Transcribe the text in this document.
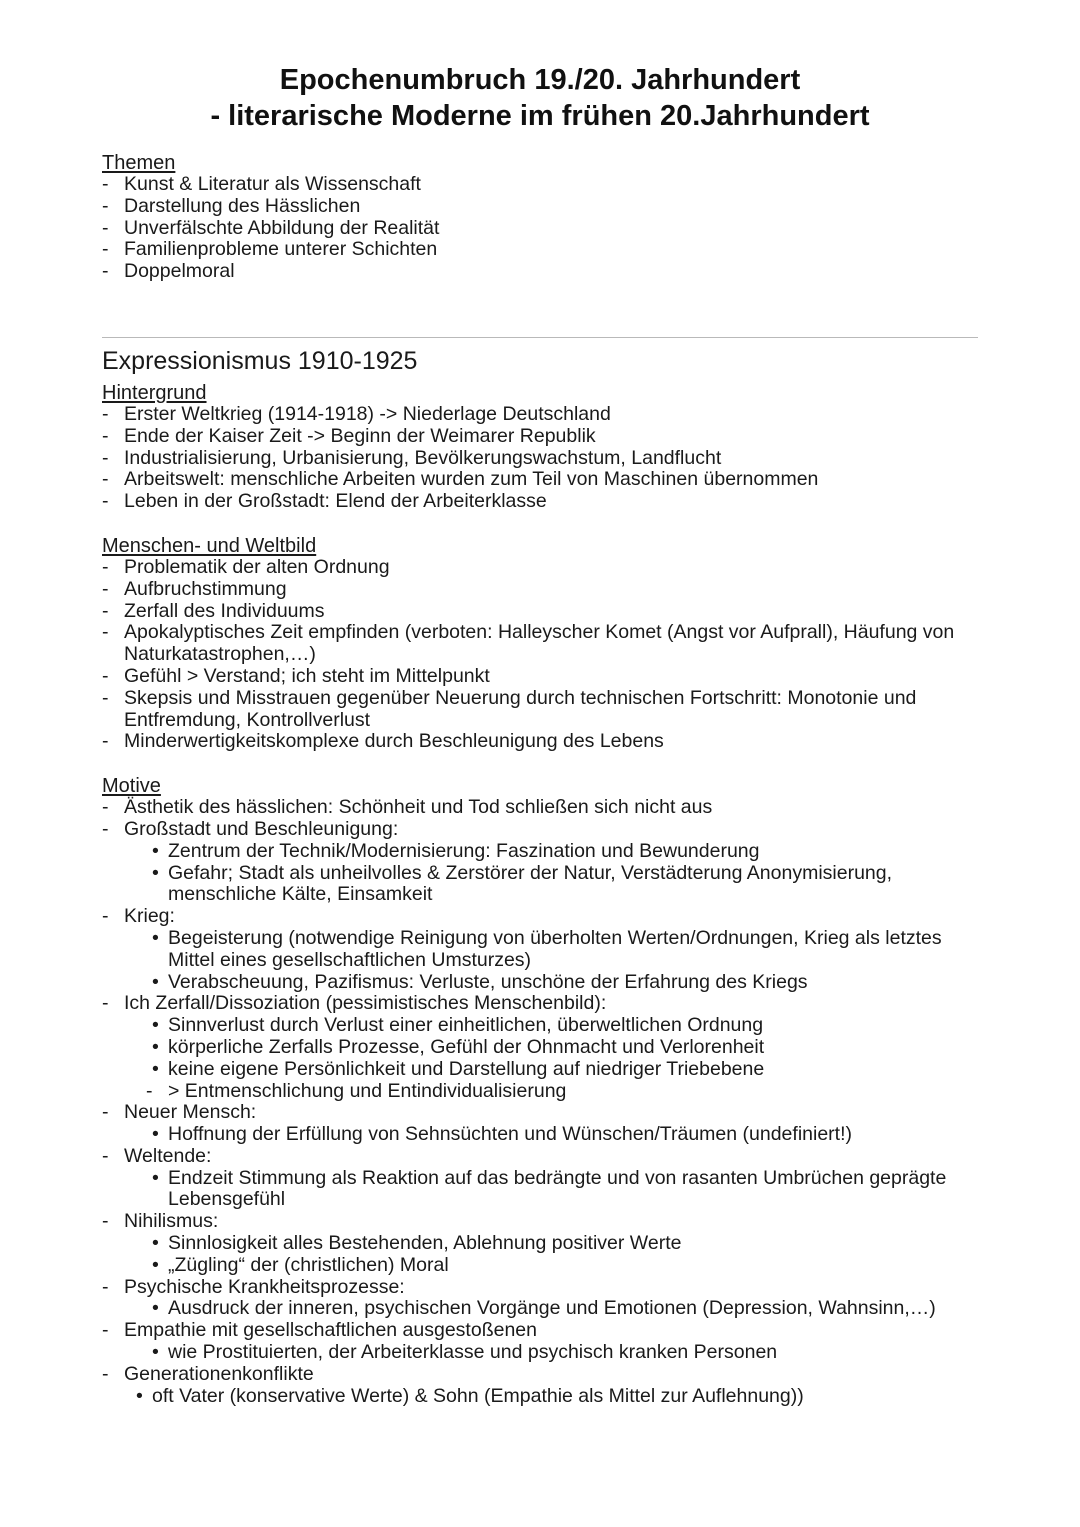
Epochenumbruch 19./20. Jahrhundert
- literarische Moderne im frühen 20.Jahrhundert
Themen
- Kunst & Literatur als Wissenschaft
- Darstellung des Hässlichen
- Unverfälschte Abbildung der Realität
- Familienprobleme unterer Schichten
- Doppelmoral
Expressionismus 1910-1925
Hintergrund
- Erster Weltkrieg (1914-1918) -> Niederlage Deutschland
- Ende der Kaiser Zeit -> Beginn der Weimarer Republik
- Industrialisierung, Urbanisierung, Bevölkerungswachstum, Landflucht
- Arbeitswelt: menschliche Arbeiten wurden zum Teil von Maschinen übernommen
- Leben in der Großstadt: Elend der Arbeiterklasse
Menschen- und Weltbild
- Problematik der alten Ordnung
- Aufbruchstimmung
- Zerfall des Individuums
- Apokalyptisches Zeit empfinden (verboten: Halleyscher Komet (Angst vor Aufprall), Häufung von Naturkatastrophen,…)
- Gefühl > Verstand; ich steht im Mittelpunkt
- Skepsis und Misstrauen gegenüber Neuerung durch technischen Fortschritt: Monotonie und Entfremdung, Kontrollverlust
- Minderwertigkeitskomplexe durch Beschleunigung des Lebens
Motive
- Ästhetik des hässlichen: Schönheit und Tod schließen sich nicht aus
- Großstadt und Beschleunigung:
• Zentrum der Technik/Modernisierung: Faszination und Bewunderung
• Gefahr; Stadt als unheilvolles & Zerstörer der Natur, Verstädterung Anonymisierung, menschliche Kälte, Einsamkeit
- Krieg:
• Begeisterung (notwendige Reinigung von überholten Werten/Ordnungen, Krieg als letztes Mittel eines gesellschaftlichen Umsturzes)
• Verabscheuung, Pazifismus: Verluste, unschöne der Erfahrung des Kriegs
- Ich Zerfall/Dissoziation (pessimistisches Menschenbild):
• Sinnverlust durch Verlust einer einheitlichen, überweltlichen Ordnung
• körperliche Zerfalls Prozesse, Gefühl der Ohnmacht und Verlorenheit
• keine eigene Persönlichkeit und Darstellung auf niedriger Triebebene
- > Entmenschlichung und Entindividualisierung
- Neuer Mensch:
• Hoffnung der Erfüllung von Sehnsüchten und Wünschen/Träumen (undefiniert!)
- Weltende:
• Endzeit Stimmung als Reaktion auf das bedrängte und von rasanten Umbrüchen geprägte Lebensgefühl
- Nihilismus:
• Sinnlosigkeit alles Bestehenden, Ablehnung positiver Werte
• „Zügling“ der (christlichen) Moral
- Psychische Krankheitsprozesse:
• Ausdruck der inneren, psychischen Vorgänge und Emotionen (Depression, Wahnsinn,…)
- Empathie mit gesellschaftlichen ausgestoßenen
• wie Prostituierten, der Arbeiterklasse und psychisch kranken Personen
- Generationenkonflikte
• oft Vater (konservative Werte) & Sohn (Empathie als Mittel zur Auflehnung))
